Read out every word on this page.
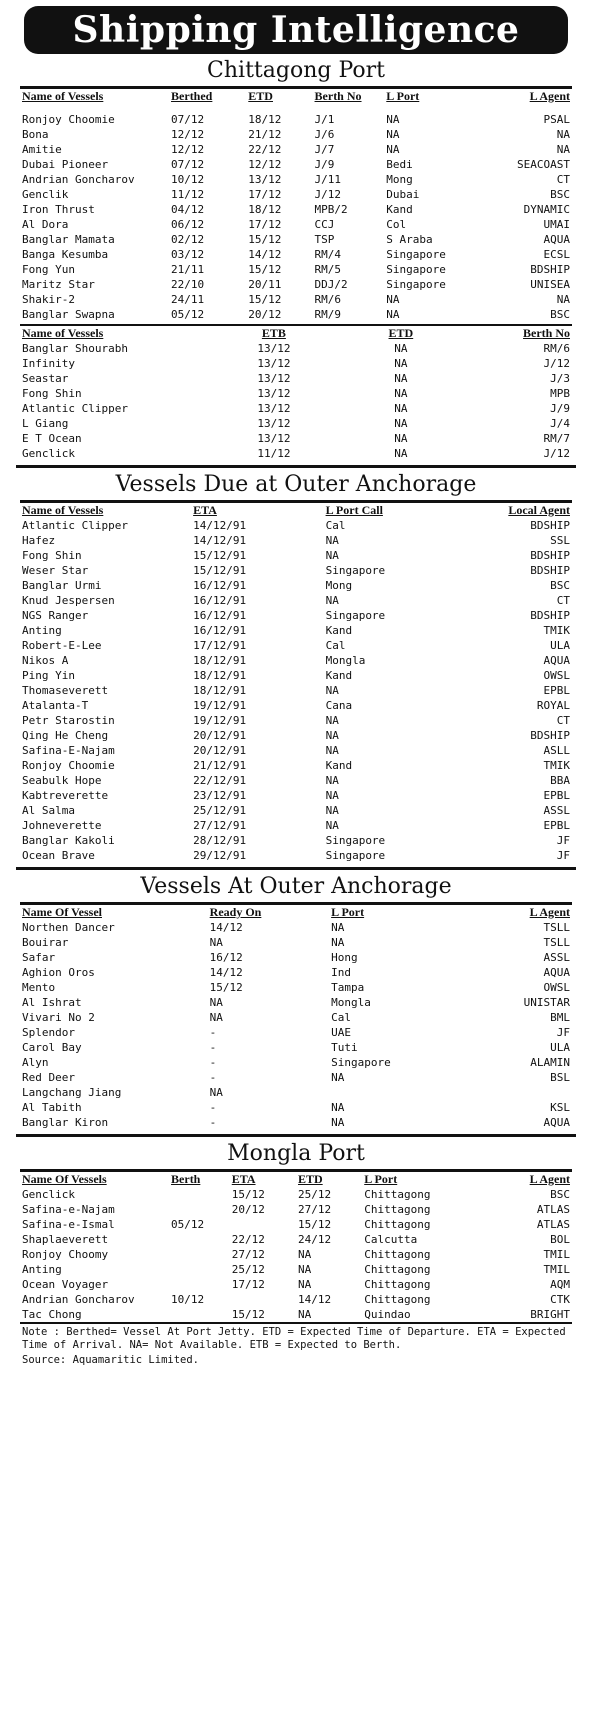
Shipping Intelligence
Chittagong Port
Name of Vessels	Berthed	ETD	Berth No	L Port	L Agent

Ronjoy Choomie	07/12	18/12	J/1	NA	PSAL
Bona	12/12	21/12	J/6	NA	NA
Amitie	12/12	22/12	J/7	NA	NA
Dubai Pioneer	07/12	12/12	J/9	Bedi	SEACOAST
Andrian Goncharov	10/12	13/12	J/11	Mong	CT
Genclik	11/12	17/12	J/12	Dubai	BSC
Iron Thrust	04/12	18/12	MPB/2	Kand	DYNAMIC
Al Dora	06/12	17/12	CCJ	Col	UMAI
Banglar Mamata	02/12	15/12	TSP	S Araba	AQUA
Banga Kesumba	03/12	14/12	RM/4	Singapore	ECSL
Fong Yun	21/11	15/12	RM/5	Singapore	BDSHIP
Maritz Star	22/10	20/11	DDJ/2	Singapore	UNISEA
Shakir-2	24/11	15/12	RM/6	NA	NA
Banglar Swapna	05/12	20/12	RM/9	NA	BSC
Name of Vessels	ETB	ETD	Berth No
Banglar Shourabh	13/12	NA	RM/6
Infinity	13/12	NA	J/12
Seastar	13/12	NA	J/3
Fong Shin	13/12	NA	MPB
Atlantic Clipper	13/12	NA	J/9
L Giang	13/12	NA	J/4
E T Ocean	13/12	NA	RM/7
Genclick	11/12	NA	J/12
Vessels Due at Outer Anchorage
Name of Vessels	ETA	L Port Call	Local Agent
Atlantic Clipper	14/12/91	Cal	BDSHIP
Hafez	14/12/91	NA	SSL
Fong Shin	15/12/91	NA	BDSHIP
Weser Star	15/12/91	Singapore	BDSHIP
Banglar Urmi	16/12/91	Mong	BSC
Knud Jespersen	16/12/91	NA	CT
NGS Ranger	16/12/91	Singapore	BDSHIP
Anting	16/12/91	Kand	TMIK
Robert-E-Lee	17/12/91	Cal	ULA
Nikos A	18/12/91	Mongla	AQUA
Ping Yin	18/12/91	Kand	OWSL
Thomaseverett	18/12/91	NA	EPBL
Atalanta-T	19/12/91	Cana	ROYAL
Petr Starostin	19/12/91	NA	CT
Qing He Cheng	20/12/91	NA	BDSHIP
Safina-E-Najam	20/12/91	NA	ASLL
Ronjoy Choomie	21/12/91	Kand	TMIK
Seabulk Hope	22/12/91	NA	BBA
Kabtreverette	23/12/91	NA	EPBL
Al Salma	25/12/91	NA	ASSL
Johneverette	27/12/91	NA	EPBL
Banglar Kakoli	28/12/91	Singapore	JF
Ocean Brave	29/12/91	Singapore	JF
Vessels At Outer Anchorage
Name Of Vessel	Ready On	L Port	L Agent
Northen Dancer	14/12	NA	TSLL
Bouirar	NA	NA	TSLL
Safar	16/12	Hong	ASSL
Aghion Oros	14/12	Ind	AQUA
Mento	15/12	Tampa	OWSL
Al Ishrat	NA	Mongla	UNISTAR
Vivari No 2	NA	Cal	BML
Splendor	-	UAE	JF
Carol Bay	-	Tuti	ULA
Alyn	-	Singapore	ALAMIN
Red Deer	-	NA	BSL
Langchang Jiang	NA		
Al Tabith	-	NA	KSL
Banglar Kiron	-	NA	AQUA
Mongla Port
Name Of Vessels	Berth	ETA	ETD	L Port	L Agent
Genclick		15/12	25/12	Chittagong	BSC
Safina-e-Najam		20/12	27/12	Chittagong	ATLAS
Safina-e-Ismal	05/12		15/12	Chittagong	ATLAS
Shaplaeverett		22/12	24/12	Calcutta	BOL
Ronjoy Choomy		27/12	NA	Chittagong	TMIL
Anting		25/12	NA	Chittagong	TMIL
Ocean Voyager		17/12	NA	Chittagong	AQM
Andrian Goncharov	10/12		14/12	Chittagong	CTK
Tac Chong		15/12	NA	Quindao	BRIGHT
Note : Berthed= Vessel At Port Jetty. ETD = Expected Time of Departure. ETA = Expected Time of Arrival. NA= Not Available. ETB = Expected to Berth.
Source: Aquamaritic Limited.
